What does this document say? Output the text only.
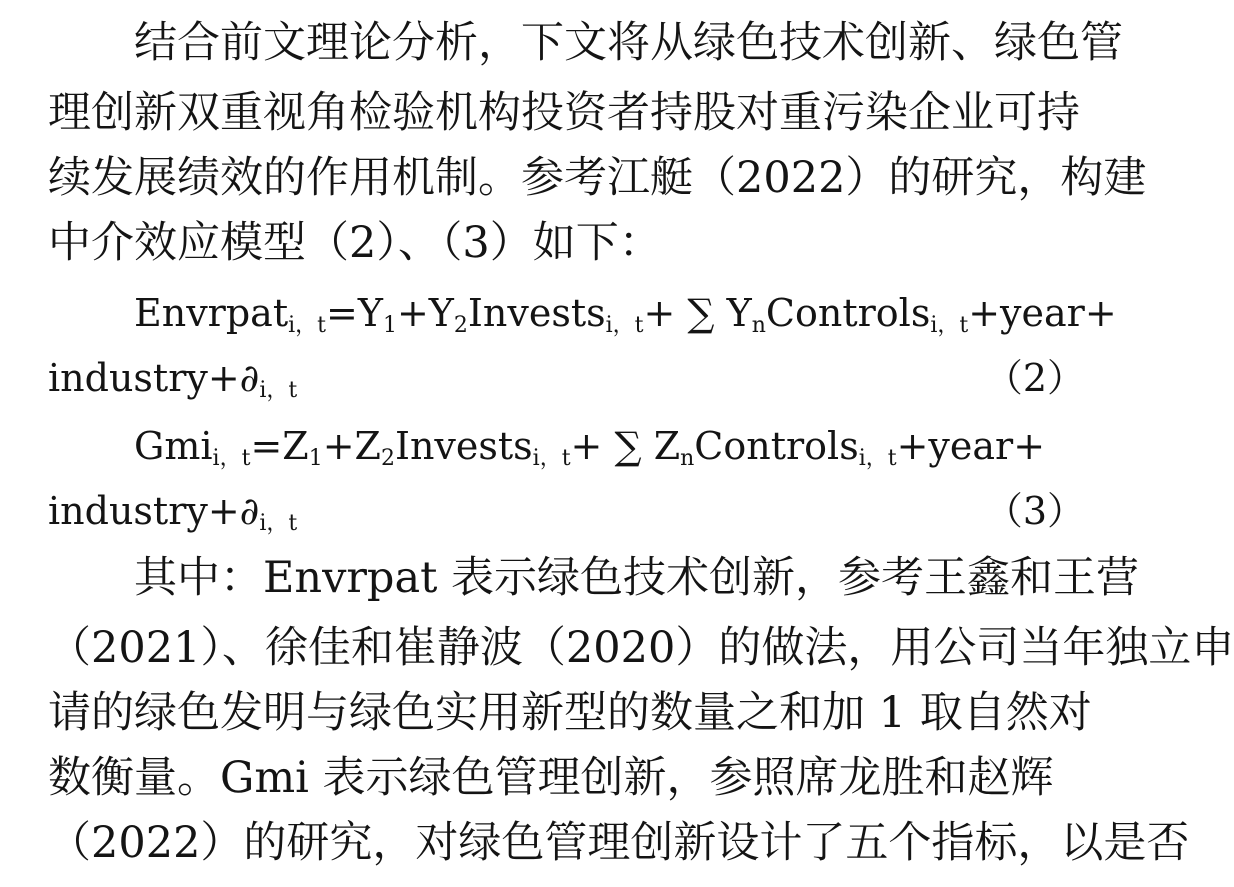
结合前文理论分析，下文将从绿色技术创新、绿色管
理创新双重视角检验机构投资者持股对重污染企业可持
续发展绩效的作用机制。参考江艇（2022）的研究，构建
中介效应模型（2）、（3）如下：
$Envrpat_{i,t}=Y_1+Y_2Invests_{i,t}+$ ∑ $Y_nControls_{i,t}+year+$
$industry+\partial_{i,t}$	（2）
$Gmi_{i,t}=Z_1+Z_2Invests_{i,t}+$ ∑ $Z_nControls_{i,t}+year+$
$industry+\partial_{i,t}$	（3）
其中：Envrpat 表示绿色技术创新，参考王鑫和王营
（2021）、徐佳和崔静波（2020）的做法，用公司当年独立申
请的绿色发明与绿色实用新型的数量之和加 1 取自然对
数衡量。Gmi 表示绿色管理创新，参照席龙胜和赵辉
（2022）的研究，对绿色管理创新设计了五个指标，以是否
